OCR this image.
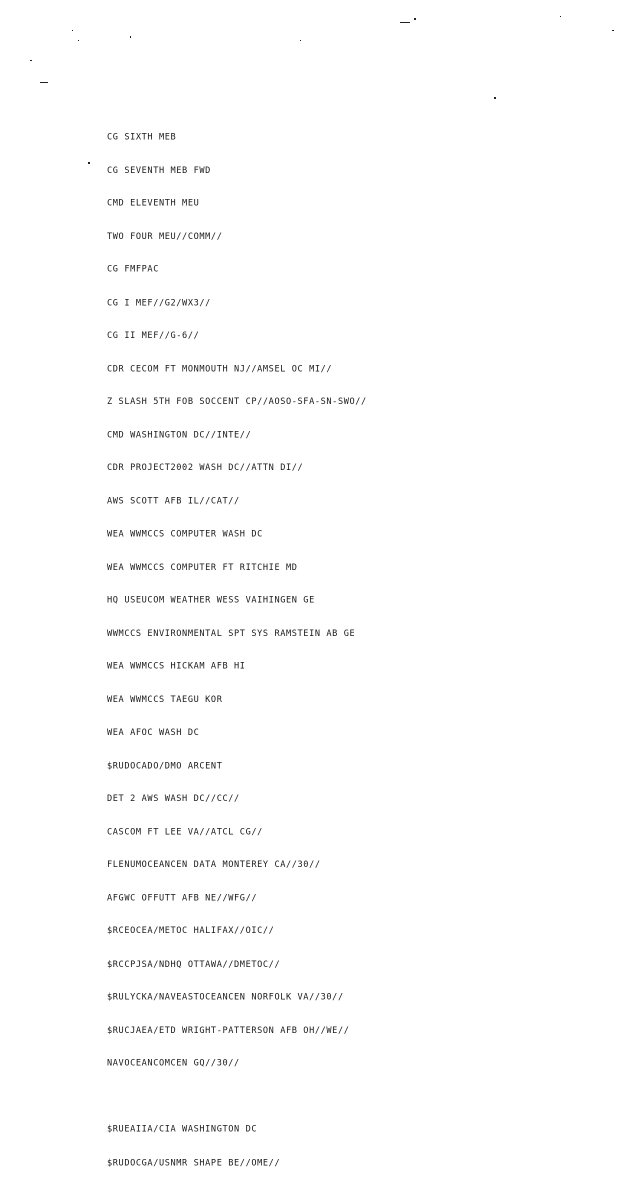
CG SIXTH MEB

CG SEVENTH MEB FWD

CMD ELEVENTH MEU

TWO FOUR MEU//COMM//

CG FMFPAC

CG I MEF//G2/WX3//

CG II MEF//G-6//

CDR CECOM FT MONMOUTH NJ//AMSEL OC MI//

Z SLASH 5TH FOB SOCCENT CP//AOSO-SFA-SN-SWO//

CMD WASHINGTON DC//INTE//

CDR PROJECT2002 WASH DC//ATTN DI//

AWS SCOTT AFB IL//CAT//

WEA WWMCCS COMPUTER WASH DC

WEA WWMCCS COMPUTER FT RITCHIE MD

HQ USEUCOM WEATHER WESS VAIHINGEN GE

WWMCCS ENVIRONMENTAL SPT SYS RAMSTEIN AB GE

WEA WWMCCS HICKAM AFB HI

WEA WWMCCS TAEGU KOR

WEA AFOC WASH DC

$RUDOCADO/DMO ARCENT

DET 2 AWS WASH DC//CC//

CASCOM FT LEE VA//ATCL CG//

FLENUMOCEANCEN DATA MONTEREY CA//30//

AFGWC OFFUTT AFB NE//WFG//

$RCEOCEA/METOC HALIFAX//OIC//

$RCCPJSA/NDHQ OTTAWA//DMETOC//

$RULYCKA/NAVEASTOCEANCEN NORFOLK VA//30//

$RUCJAEA/ETD WRIGHT-PATTERSON AFB OH//WE//

NAVOCEANCOMCEN GQ//30//

$RUEAIIA/CIA WASHINGTON DC

$RUDOCGA/USNMR SHAPE BE//OME//
